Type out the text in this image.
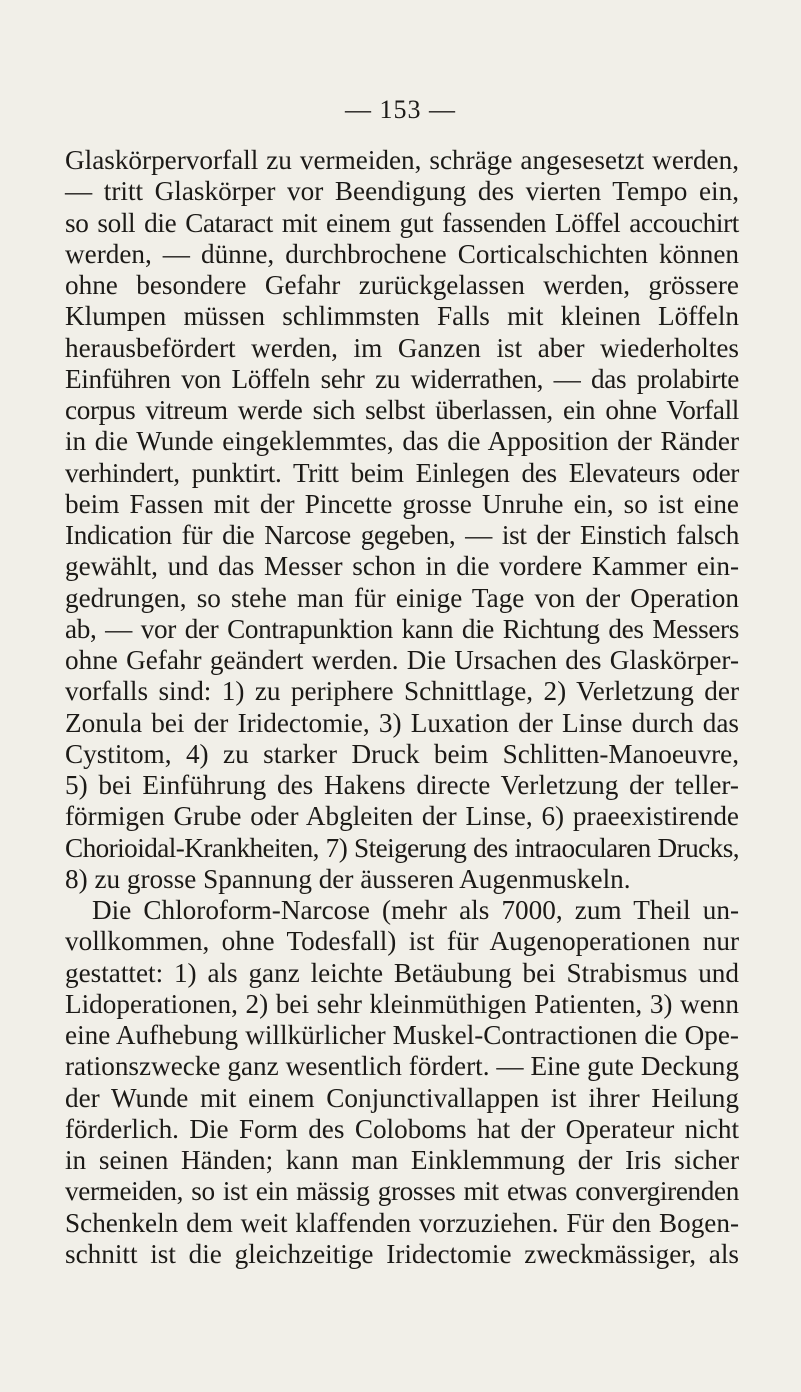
— 153 —
Glaskörpervorfall zu vermeiden, schräge angesesetzt werden,
— tritt Glaskörper vor Beendigung des vierten Tempo ein,
so soll die Cataract mit einem gut fassenden Löffel accouchirt
werden, — dünne, durchbrochene Corticalschichten können
ohne besondere Gefahr zurückgelassen werden, grössere
Klumpen müssen schlimmsten Falls mit kleinen Löffeln
herausbefördert werden, im Ganzen ist aber wiederholtes
Einführen von Löffeln sehr zu widerrathen, — das prolabirte
corpus vitreum werde sich selbst überlassen, ein ohne Vorfall
in die Wunde eingeklemmtes, das die Apposition der Ränder
verhindert, punktirt. Tritt beim Einlegen des Elevateurs oder
beim Fassen mit der Pincette grosse Unruhe ein, so ist eine
Indication für die Narcose gegeben, — ist der Einstich falsch
gewählt, und das Messer schon in die vordere Kammer ein-
gedrungen, so stehe man für einige Tage von der Operation
ab, — vor der Contrapunktion kann die Richtung des Messers
ohne Gefahr geändert werden. Die Ursachen des Glaskörper-
vorfalls sind: 1) zu periphere Schnittlage, 2) Verletzung der
Zonula bei der Iridectomie, 3) Luxation der Linse durch das
Cystitom, 4) zu starker Druck beim Schlitten-Manoeuvre,
5) bei Einführung des Hakens directe Verletzung der teller-
förmigen Grube oder Abgleiten der Linse, 6) praeexistirende
Chorioidal-Krankheiten, 7) Steigerung des intraocularen Drucks,
8) zu grosse Spannung der äusseren Augenmuskeln.
Die Chloroform-Narcose (mehr als 7000, zum Theil un-
vollkommen, ohne Todesfall) ist für Augenoperationen nur
gestattet: 1) als ganz leichte Betäubung bei Strabismus und
Lidoperationen, 2) bei sehr kleinmüthigen Patienten, 3) wenn
eine Aufhebung willkürlicher Muskel-Contractionen die Ope-
rationszwecke ganz wesentlich fördert. — Eine gute Deckung
der Wunde mit einem Conjunctivallappen ist ihrer Heilung
förderlich. Die Form des Coloboms hat der Operateur nicht
in seinen Händen; kann man Einklemmung der Iris sicher
vermeiden, so ist ein mässig grosses mit etwas convergirenden
Schenkeln dem weit klaffenden vorzuziehen. Für den Bogen-
schnitt ist die gleichzeitige Iridectomie zweckmässiger, als
